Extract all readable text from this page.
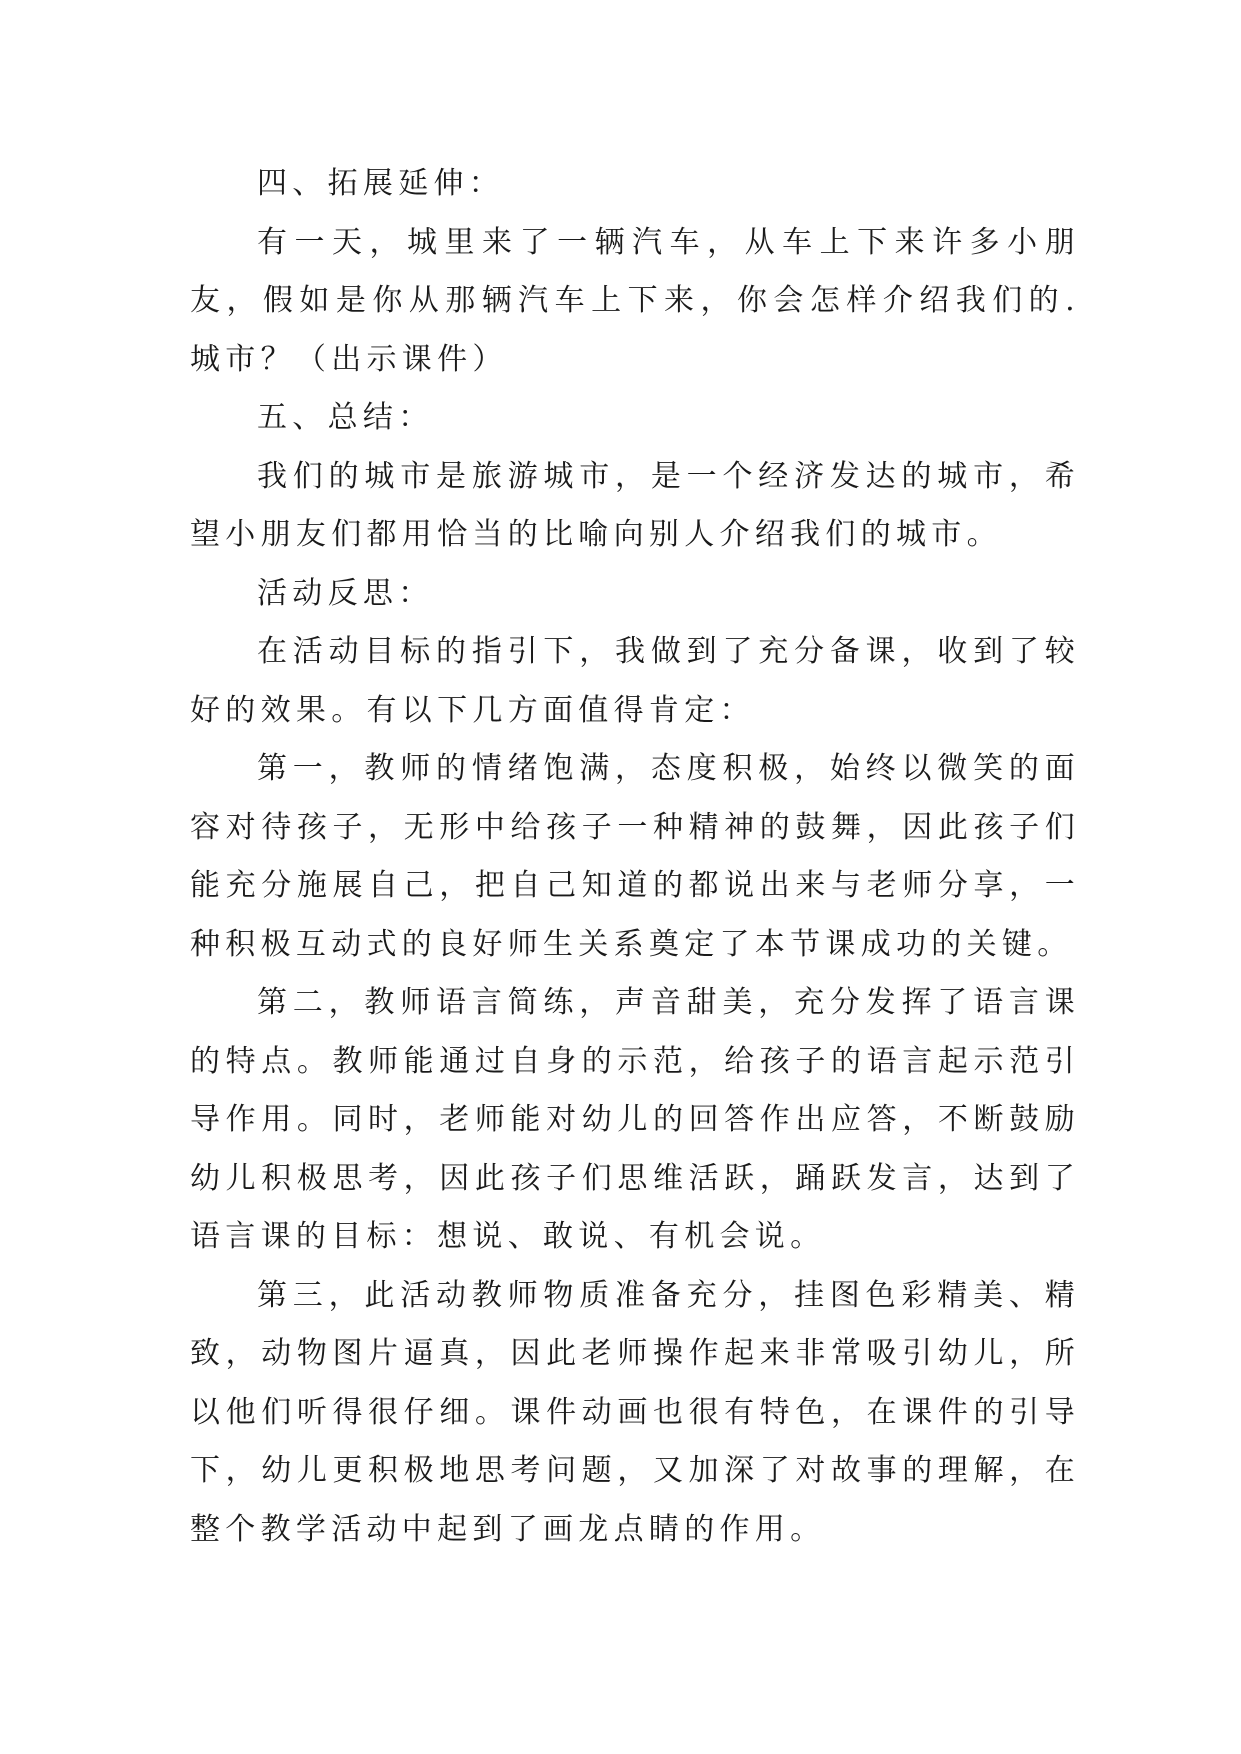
四、拓展延伸：

有一天，城里来了一辆汽车，从车上下来许多小朋友，假如是你从那辆汽车上下来，你会怎样介绍我们的.城市？（出示课件）

五、总结：

我们的城市是旅游城市，是一个经济发达的城市，希望小朋友们都用恰当的比喻向别人介绍我们的城市。

活动反思：

在活动目标的指引下，我做到了充分备课，收到了较好的效果。有以下几方面值得肯定：

第一，教师的情绪饱满，态度积极，始终以微笑的面容对待孩子，无形中给孩子一种精神的鼓舞，因此孩子们能充分施展自己，把自己知道的都说出来与老师分享，一种积极互动式的良好师生关系奠定了本节课成功的关键。

第二，教师语言简练，声音甜美，充分发挥了语言课的特点。教师能通过自身的示范，给孩子的语言起示范引导作用。同时，老师能对幼儿的回答作出应答，不断鼓励幼儿积极思考，因此孩子们思维活跃，踊跃发言，达到了语言课的目标：想说、敢说、有机会说。

第三，此活动教师物质准备充分，挂图色彩精美、精致，动物图片逼真，因此老师操作起来非常吸引幼儿，所以他们听得很仔细。课件动画也很有特色，在课件的引导下，幼儿更积极地思考问题，又加深了对故事的理解，在整个教学活动中起到了画龙点睛的作用。
